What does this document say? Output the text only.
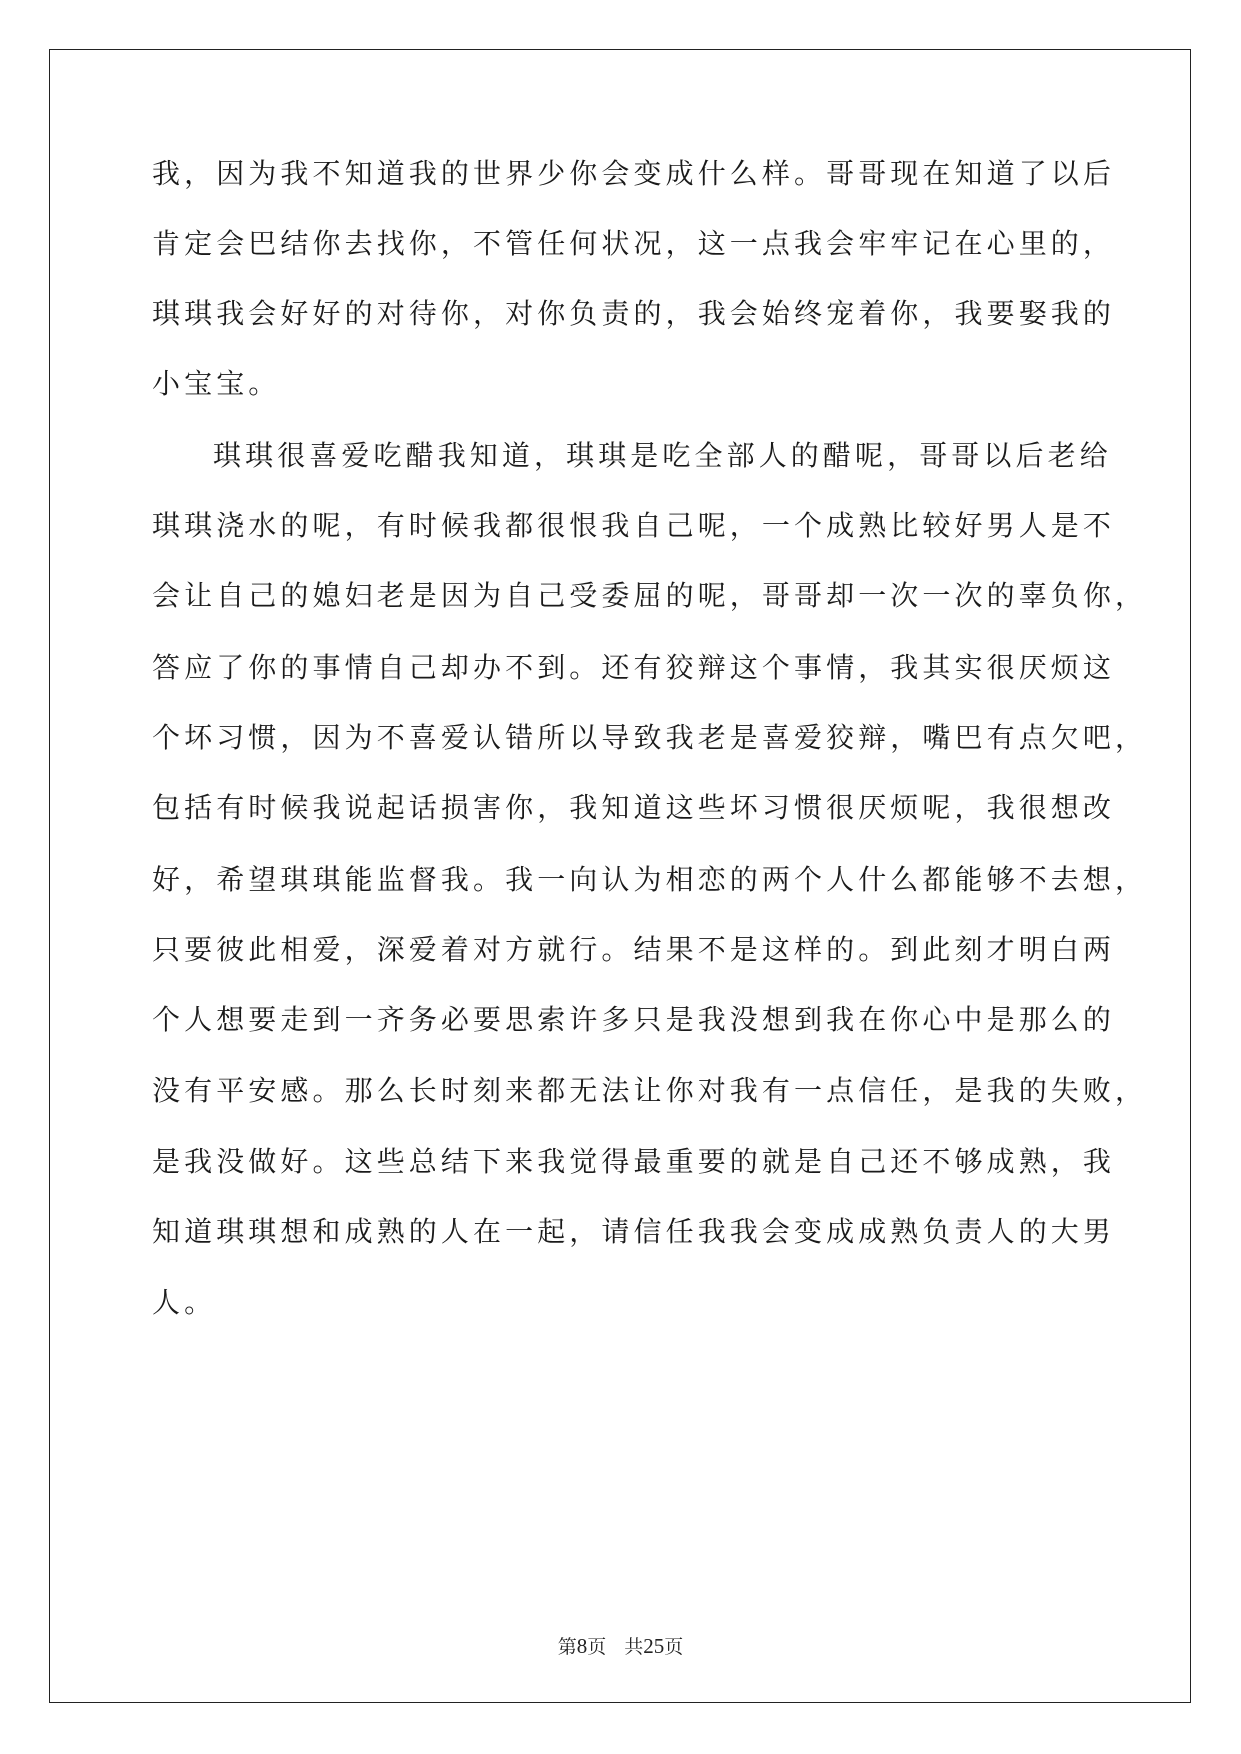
我，因为我不知道我的世界少你会变成什么样。哥哥现在知道了以后
肯定会巴结你去找你，不管任何状况，这一点我会牢牢记在心里的，
琪琪我会好好的对待你，对你负责的，我会始终宠着你，我要娶我的
小宝宝。
琪琪很喜爱吃醋我知道，琪琪是吃全部人的醋呢，哥哥以后老给
琪琪浇水的呢，有时候我都很恨我自己呢，一个成熟比较好男人是不
会让自己的媳妇老是因为自己受委屈的呢，哥哥却一次一次的辜负你，
答应了你的事情自己却办不到。还有狡辩这个事情，我其实很厌烦这
个坏习惯，因为不喜爱认错所以导致我老是喜爱狡辩，嘴巴有点欠吧，
包括有时候我说起话损害你，我知道这些坏习惯很厌烦呢，我很想改
好，希望琪琪能监督我。我一向认为相恋的两个人什么都能够不去想，
只要彼此相爱，深爱着对方就行。结果不是这样的。到此刻才明白两
个人想要走到一齐务必要思索许多只是我没想到我在你心中是那么的
没有平安感。那么长时刻来都无法让你对我有一点信任，是我的失败，
是我没做好。这些总结下来我觉得最重要的就是自己还不够成熟，我
知道琪琪想和成熟的人在一起，请信任我我会变成成熟负责人的大男
人。
第8页 共25页
